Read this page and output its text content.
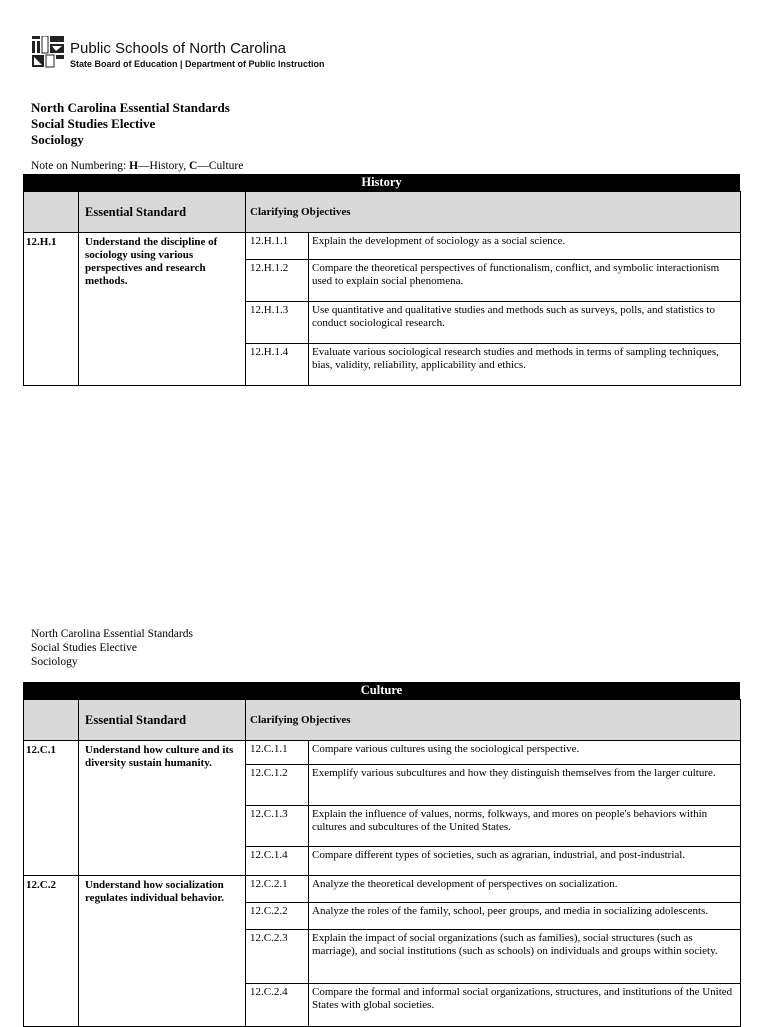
Public Schools of North Carolina
State Board of Education | Department of Public Instruction
North Carolina Essential Standards
Social Studies Elective
Sociology
Note on Numbering: H—History, C—Culture
History
	Essential Standard	Clarifying Objectives
12.H.1	Understand the discipline of sociology using various perspectives and research methods.	
12.H.1.1	Explain the development of sociology as a social science.
12.H.1.2	Compare the theoretical perspectives of functionalism, conflict, and symbolic interactionism used to explain social phenomena.
12.H.1.3	Use quantitative and qualitative studies and methods such as surveys, polls, and statistics to conduct sociological research.
12.H.1.4	Evaluate various sociological research studies and methods in terms of sampling techniques, bias, validity, reliability, applicability and ethics.
North Carolina Essential Standards
Social Studies Elective
Sociology
Culture
	Essential Standard	Clarifying Objectives
12.C.1	Understand how culture and its diversity sustain humanity.	
12.C.1.1	Compare various cultures using the sociological perspective.
12.C.1.2	Exemplify various subcultures and how they distinguish themselves from the larger culture.
12.C.1.3	Explain the influence of values, norms, folkways, and mores on people's behaviors within cultures and subcultures of the United States.
12.C.1.4	Compare different types of societies, such as agrarian, industrial, and post-industrial.

12.C.2	Understand how socialization regulates individual behavior.	
12.C.2.1	Analyze the theoretical development of perspectives on socialization.
12.C.2.2	Analyze the roles of the family, school, peer groups, and media in socializing adolescents.
12.C.2.3	Explain the impact of social organizations (such as families), social structures (such as marriage), and social institutions (such as schools) on individuals and groups within society.
12.C.2.4	Compare the formal and informal social organizations, structures, and institutions of the United States with global societies.
